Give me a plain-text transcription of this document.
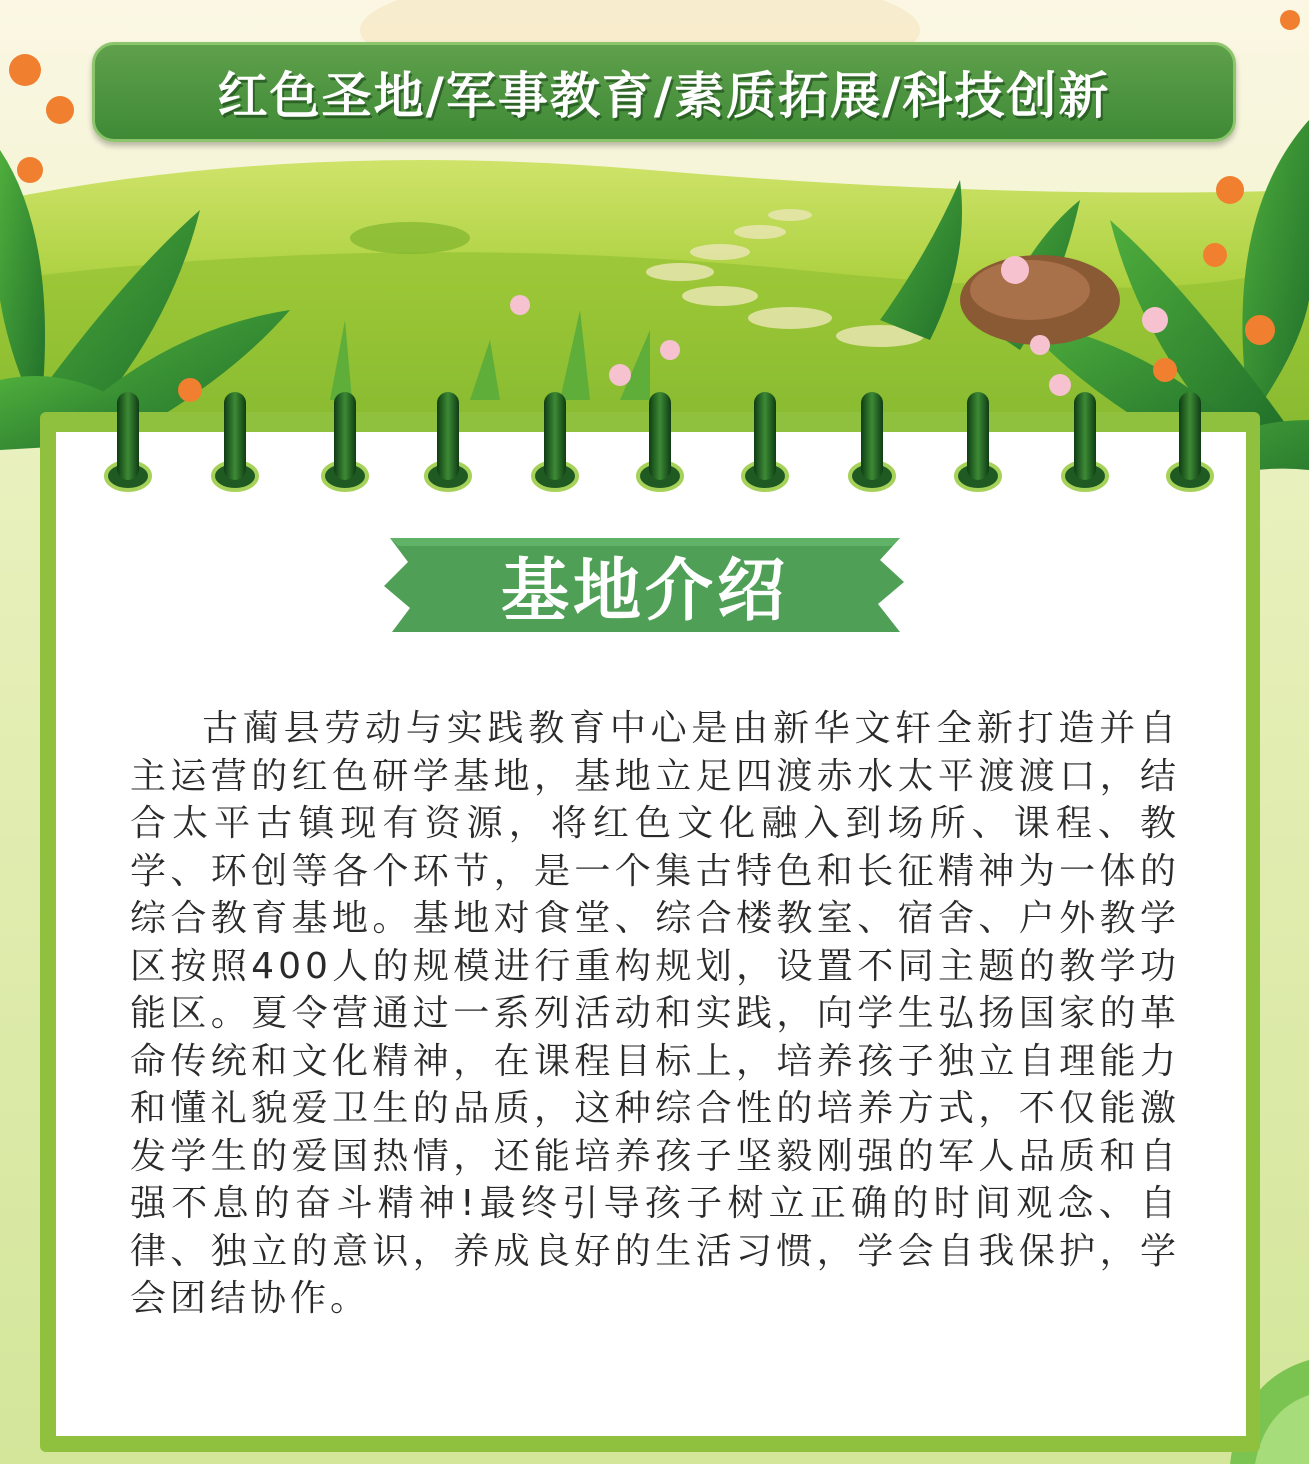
红色圣地/军事教育/素质拓展/科技创新
基地介绍

古蔺县劳动与实践教育中心是由新华文轩全新打造并自主运营的红色研学基地，基地立足四渡赤水太平渡渡口，结合太平古镇现有资源，将红色文化融入到场所、课程、教学、环创等各个环节，是一个集古特色和长征精神为一体的综合教育基地。基地对食堂、综合楼教室、宿舍、户外教学区按照400人的规模进行重构规划，设置不同主题的教学功能区。夏令营通过一系列活动和实践，向学生弘扬国家的革命传统和文化精神，在课程目标上，培养孩子独立自理能力和懂礼貌爱卫生的品质，这种综合性的培养方式，不仅能激发学生的爱国热情，还能培养孩子坚毅刚强的军人品质和自强不息的奋斗精神!最终引导孩子树立正确的时间观念、自律、独立的意识，养成良好的生活习惯，学会自我保护，学会团结协作。
